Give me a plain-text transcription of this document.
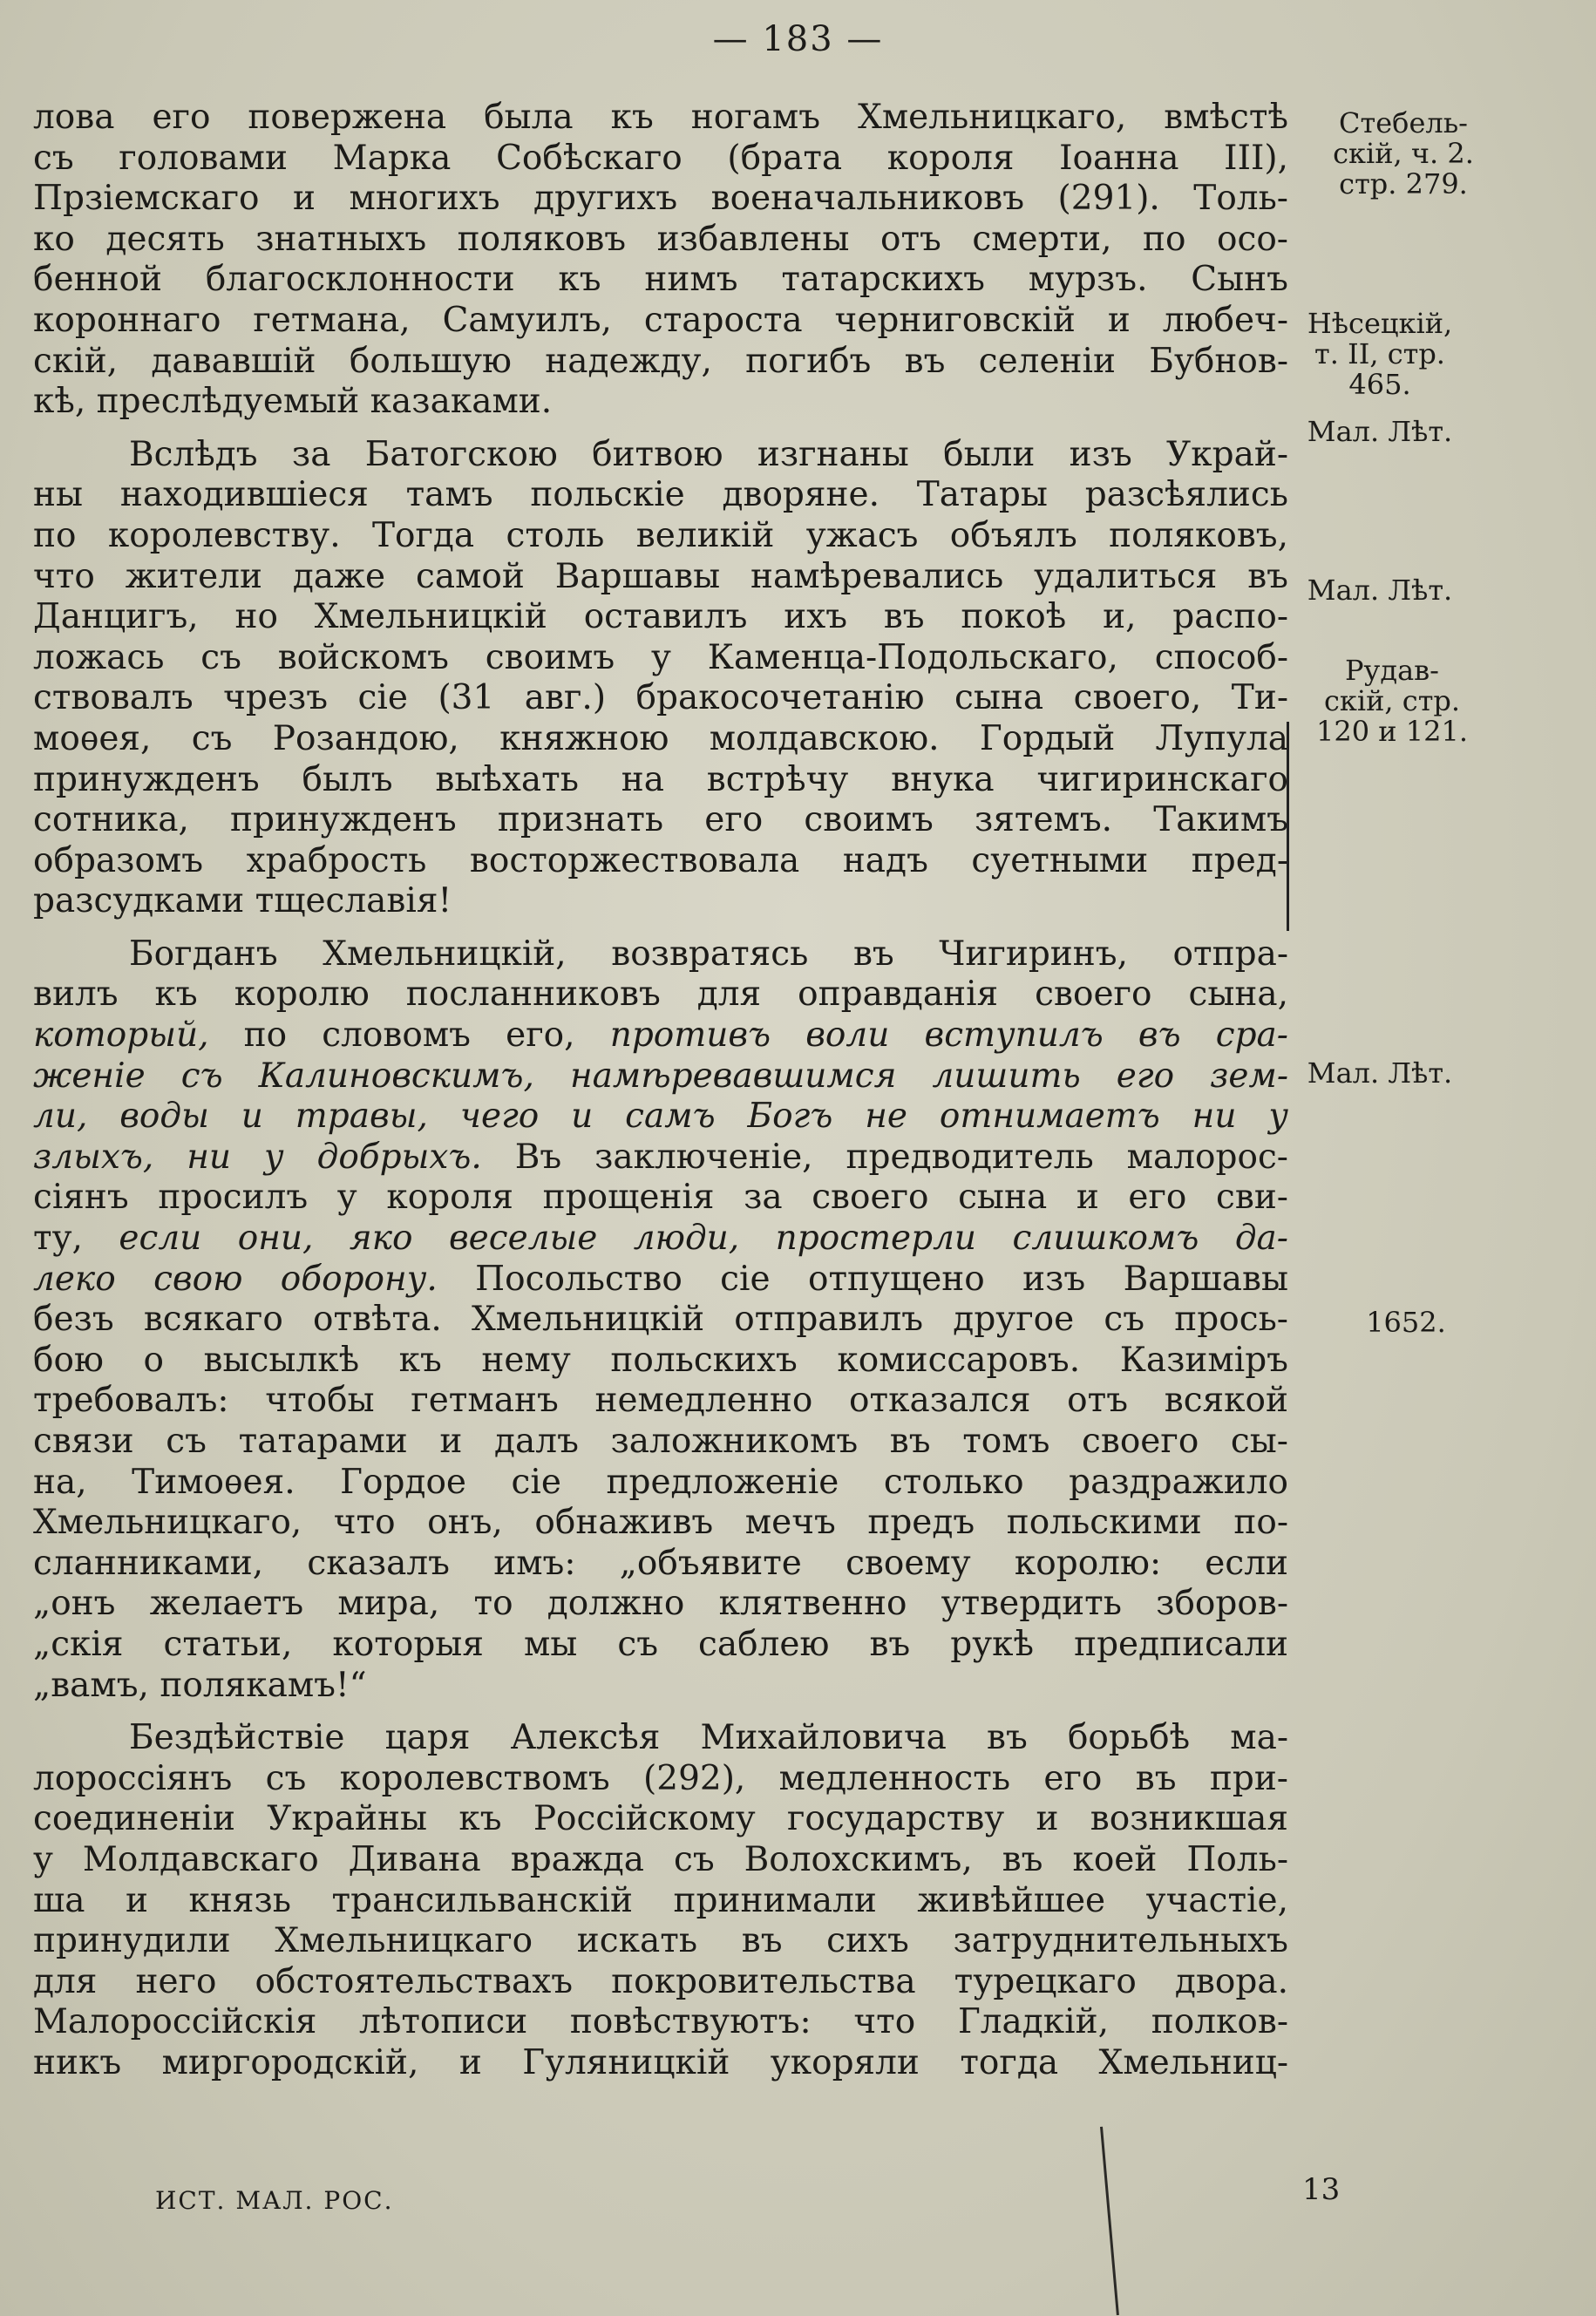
— 183 —
лова его повержена была къ ногамъ Хмельницкаго, вмѣстѣ
съ головами Марка Собѣскаго (брата короля Іоанна III),
Прзіемскаго и многихъ другихъ военачальниковъ (291). Толь-
ко десять знатныхъ поляковъ избавлены отъ смерти, по осо-
бенной благосклонности къ нимъ татарскихъ мурзъ. Сынъ
короннаго гетмана, Самуилъ, староста черниговскій и любеч-
скій, дававшій большую надежду, погибъ въ селеніи Бубнов-
кѣ, преслѣдуемый казаками.
Вслѣдъ за Батогскою битвою изгнаны были изъ Украй-
ны находившіеся тамъ польскіе дворяне. Татары разсѣялись
по королевству. Тогда столь великій ужасъ объялъ поляковъ,
что жители даже самой Варшавы намѣревались удалиться въ
Данцигъ, но Хмельницкій оставилъ ихъ въ покоѣ и, распо-
ложась съ войскомъ своимъ у Каменца-Подольскаго, способ-
ствовалъ чрезъ сіе (31 авг.) бракосочетанію сына своего, Ти-
моѳея, съ Розандою, княжною молдавскою. Гордый Лупула
принужденъ былъ выѣхать на встрѣчу внука чигиринскаго
сотника, принужденъ признать его своимъ зятемъ. Такимъ
образомъ храбрость восторжествовала надъ суетными пред-
разсудками тщеславія!
Богданъ Хмельницкій, возвратясь въ Чигиринъ, отпра-
вилъ къ королю посланниковъ для оправданія своего сына,
который, по словомъ его, противъ воли вступилъ въ сра-
женіе съ Калиновскимъ, намѣревавшимся лишить его зем-
ли, воды и травы, чего и самъ Богъ не отнимаетъ ни у
злыхъ, ни у добрыхъ. Въ заключеніе, предводитель малорос-
сіянъ просилъ у короля прощенія за своего сына и его сви-
ту, если они, яко веселые люди, простерли слишкомъ да-
леко свою оборону. Посольство сіе отпущено изъ Варшавы
безъ всякаго отвѣта. Хмельницкій отправилъ другое съ прось-
бою о высылкѣ къ нему польскихъ комиссаровъ. Казиміръ
требовалъ: чтобы гетманъ немедленно отказался отъ всякой
связи съ татарами и далъ заложникомъ въ томъ своего сы-
на, Тимоѳея. Гордое сіе предложеніе столько раздражило
Хмельницкаго, что онъ, обнаживъ мечъ предъ польскими по-
сланниками, сказалъ имъ: „объявите своему королю: если
„онъ желаетъ мира, то должно клятвенно утвердить зборов-
„скія статьи, которыя мы съ саблею въ рукѣ предписали
„вамъ, полякамъ!“
Бездѣйствіе царя Алексѣя Михайловича въ борьбѣ ма-
лороссіянъ съ королевствомъ (292), медленность его въ при-
соединеніи Украйны къ Россійскому государству и возникшая
у Молдавскаго Дивана вражда съ Волохскимъ, въ коей Поль-
ша и князь трансильванскій принимали живѣйшее участіе,
принудили Хмельницкаго искать въ сихъ затруднительныхъ
для него обстоятельствахъ покровительства турецкаго двора.
Малороссійскія лѣтописи повѣствуютъ: что Гладкій, полков-
никъ миргородскій, и Гуляницкій укоряли тогда Хмельниц-
Стебель-
скій, ч. 2.
стр. 279.
Нѣсецкій,
т. II, стр.
465.
Мал. Лѣт.
Мал. Лѣт.
Рудав-
скій, стр.
120 и 121.
Мал. Лѣт.
1652.
ИСТ. МАЛ. РОС.	13
